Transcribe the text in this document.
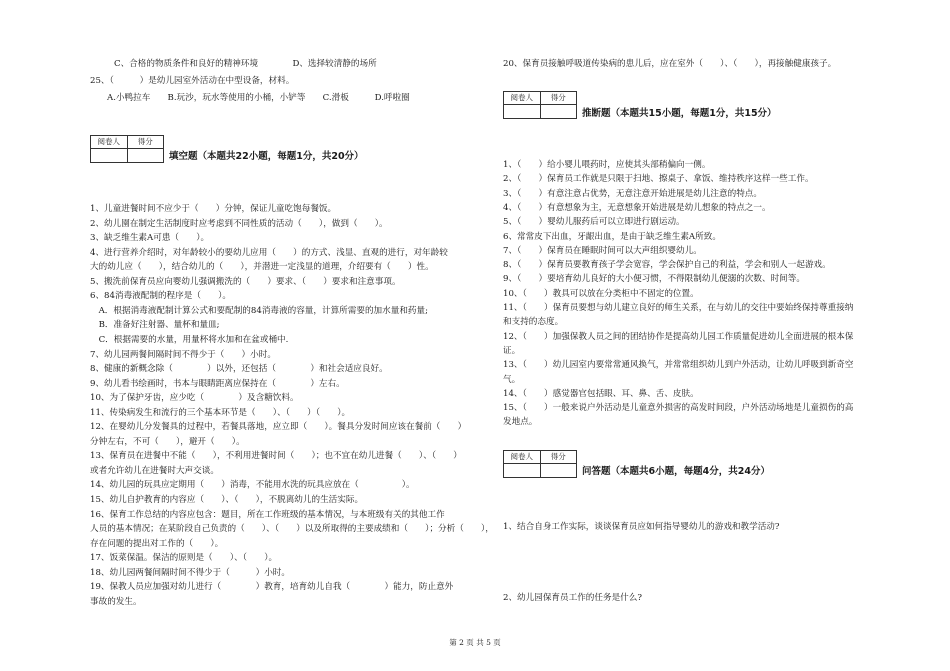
C、合格的物质条件和良好的精神环境　　　　D、选择较清静的场所
25、（　　　）是幼儿园室外活动在中型设备，材料。
A.小鸭拉车　　B.玩沙，玩水等使用的小桶，小铲等　　C.滑板　　　D.呼啦圈
阅卷人	得分
填空题（本题共22小题，每题1分，共20分）
1、儿童进餐时间不应少于（　　）分钟，保证儿童吃饱每餐饭。
2、幼儿園在制定生活制度时应考虑到不同性质的活动（　　），做到（　　）。
3、缺乏维生素A可患（　　）。
4、进行营养介绍时，对年龄较小的要幼儿应用（　　）的方式、浅显、直观的进行，对年龄较
大的幼儿应（　　），结合幼儿的（　　），并潜进一定浅显的道理，介绍要有（　　）性。
5、搬洗前保育员应向婴幼儿强调搬洗的（　　）要求、（　　）要求和注意事项。
6、84消毒液配制的程序是（　　）。
　A．根据消毒液配制计算公式和要配制的84消毒液的容量，计算所需要的加水量和药量;
　B．准备好注射器、量杯和量皿;
　C．根据需要的水量，用量杯将水加和在盆或桶中.
7、幼儿园两餐间隔时间不得少于（　　）小时。
8、健康的新概念除（　　　　）以外，还包括（　　　　）和社会适应良好。
9、幼儿看书绘画时，书本与眼睛距离应保持在（　　　　）左右。
10、为了保护牙齿，应少吃（　　　　）及含糖饮料。
11、传染病发生和流行的三个基本环节是（　　）、（　　）（　　）。
12、在婴幼儿分发餐具的过程中，若餐具落地，应立即（　　）。餐具分发时间应该在餐前（　　）
分钟左右，不可（　　），避开（　　）。
13、保育员在进餐中不能（　　），不利用进餐时间（　　）；也不宜在幼儿进餐（　　）、（　　）
或者允许幼儿在进餐时大声交谈。
14、幼儿园的玩具应定期用（　　）消毒，不能用水洗的玩具应放在（　　　　　）。
15、幼儿自护教育的内容应（　　）、（　　），不脱离幼儿的生活实际。
16、保育工作总结的内容应包含：题目，所在工作班级的基本情况，与本班级有关的其他工作
人员的基本情况；在某阶段自己负责的（　　）、（　　）以及所取得的主要成绩和（　　）；分析（　　），
存在问题的提出对工作的（　　）。
17、饭菜保温。保洁的原则是（　　）、（　　）。
18、幼儿园两餐间隔时间不得少于（　　　）小时。
19、保教人员应加强对幼儿进行（　　　　）教育，培育幼儿自我（　　　　）能力，防止意外
事故的发生。
20、保育员接触呼吸道传染病的患儿后，应在室外（　　）、（　　），再接触健康孩子。
阅卷人	得分
推断题（本题共15小题，每题1分，共15分）
1、（　　）给小婴儿喂药时，应使其头部稍偏向一侧。
2、（　　）保育员工作就是只限于扫地、擦桌子、拿饭、维持秩序这样一些工作。
3、（　　）有意注意占优势，无意注意开始进展是幼儿注意的特点。
4、（　　）有意想象为主，无意想象开始进展是幼儿想象的特点之一。
5、（　　）婴幼儿服药后可以立即进行剧运动。
6、常常皮下出血，牙龈出血，是由于缺乏维生素A所致。
7、（　　）保育员在睡眠时间可以大声组织婴幼儿。
8、（　　）保育员要教育孩子学会宽容，学会保护自己的利益，学会和别人一起游戏。
9、（　　）要培育幼儿良好的大小便习惯，不得限制幼儿便溺的次数、时间等。
10、（　　）教具可以放在分类柜中不固定的位置。
11、（　　）保育员要想与幼儿建立良好的师生关系，在与幼儿的交往中要始终保持尊重接纳
和支持的态度。
12、（　　）加强保教人员之间的团结协作是提高幼儿园工作质量促进幼儿全面进展的根本保
证。
13、（　　）幼儿园室内要常常通风换气，并常常组织幼儿到户外活动，让幼儿呼吸到新奇空
气。
14、（　　）感觉器官包括眼、耳、鼻、舌、皮肤。
15、（　　）一般来说户外活动是儿童意外损害的高发时间段，户外活动场地是儿童损伤的高
发地点。
阅卷人	得分
问答题（本题共6小题，每题4分，共24分）
1、结合自身工作实际，谈谈保育员应如何指导婴幼儿的游戏和教学活动?
2、幼儿园保育员工作的任务是什么?
第 2 页 共 5 页
